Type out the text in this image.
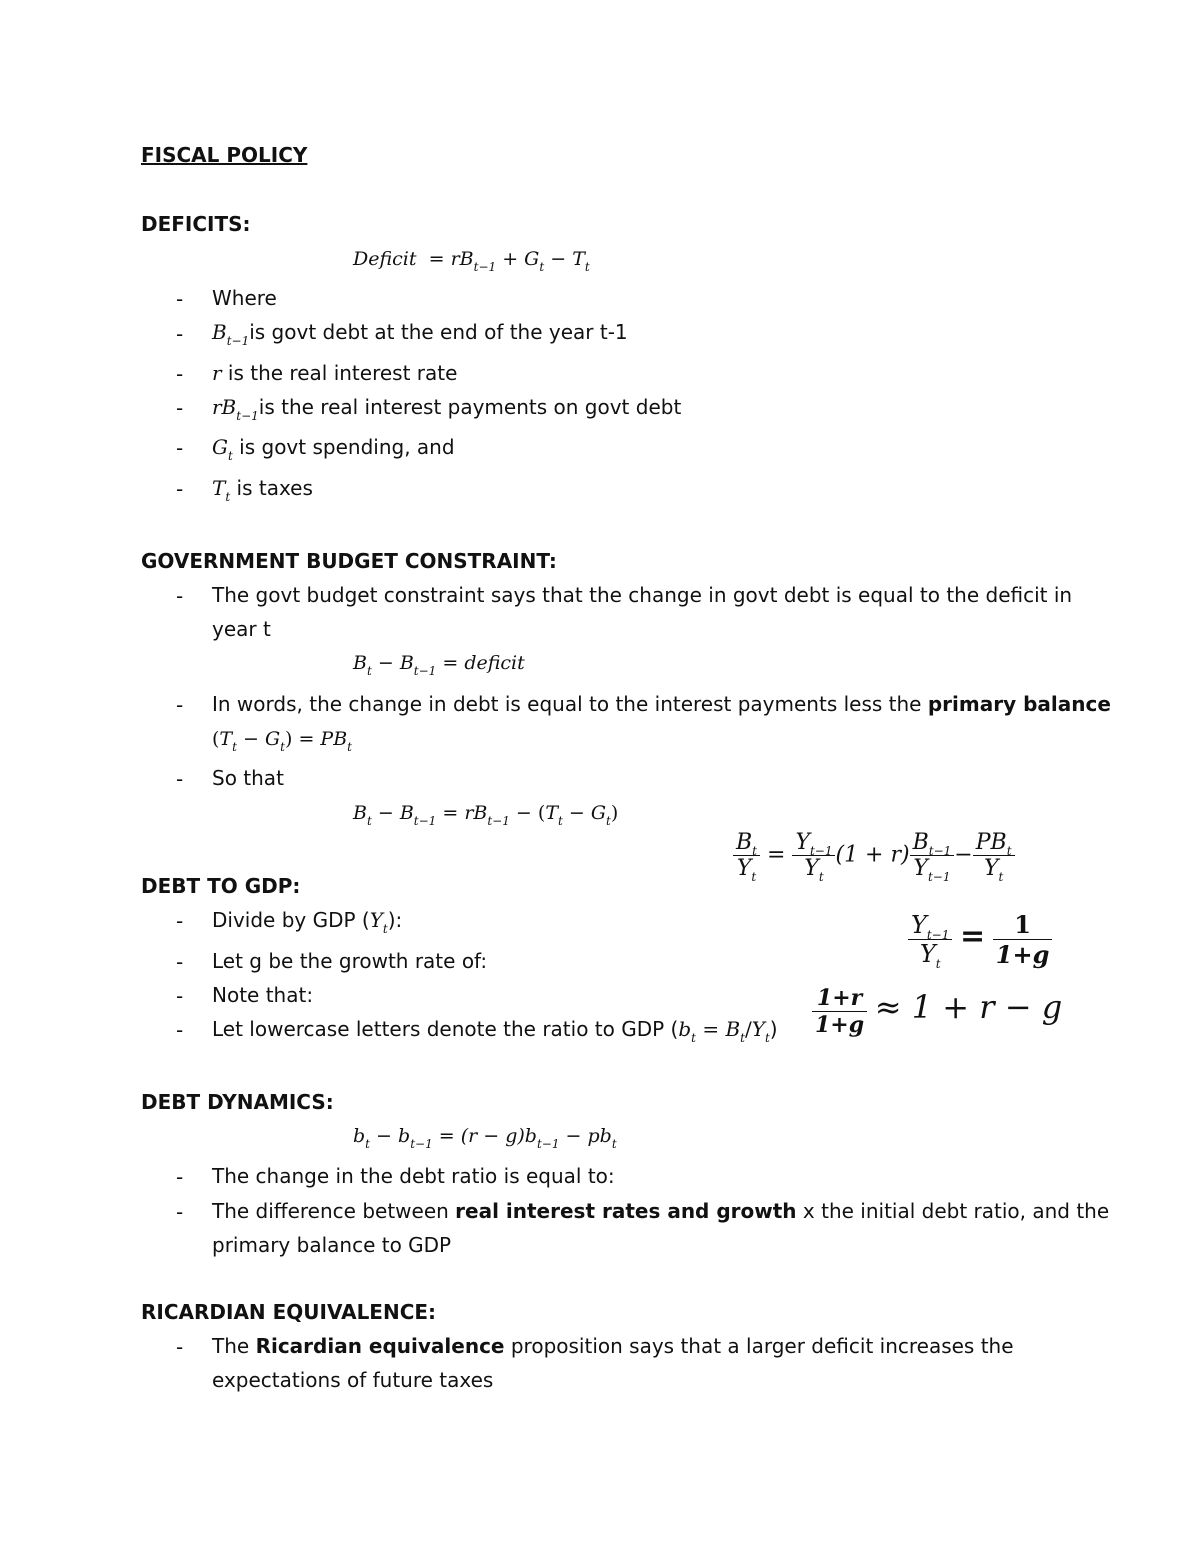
FISCAL POLICY
DEFICITS:
Deficit = $rB_{t-1} + G_t - T_t$
- Where
- $B_{t-1}is$ govt debt at the end of the year t-1
- r is the real interest rate
- $rB_{t-1}is$ the real interest payments on govt debt
- $G_t$ is govt spending, and
- $T_t$ is taxes
GOVERNMENT BUDGET CONSTRAINT:
- The govt budget constraint says that the change in govt debt is equal to the deficit in
year t
$B_t - B_{t-1}$ = deficit
- In words, the change in debt is equal to the interest payments less the primary balance
$(T_t - G_t) = PB_t$
- So that
$B_t - B_{t-1} = rB_{t-1} - (T_t - G_t)$
$\frac{B_t}{Y_t} = \frac{Y_{t-1}}{Y_t} (1 + r) \frac{B_{t-1}}{Y_{t-1}} - \frac{PB_t}{Y_t}$
DEBT TO GDP:
- Divide by GDP $(Y_t)$:
- Let g be the growth rate of:
- Note that:
- Let lowercase letters denote the ratio to GDP $(b_t = B_t/Y_t)$
$\frac{Y_{t-1}}{Y_t} = \frac{1}{1+g}$
$\frac{1+r}{1+g} \approx 1 + r - g$
DEBT DYNAMICS:
$b_t - b_{t-1} = (r - g)b_{t-1} - pb_t$
- The change in the debt ratio is equal to:
- The difference between real interest rates and growth x the initial debt ratio, and the
primary balance to GDP
RICARDIAN EQUIVALENCE:
- The Ricardian equivalence proposition says that a larger deficit increases the
expectations of future taxes
